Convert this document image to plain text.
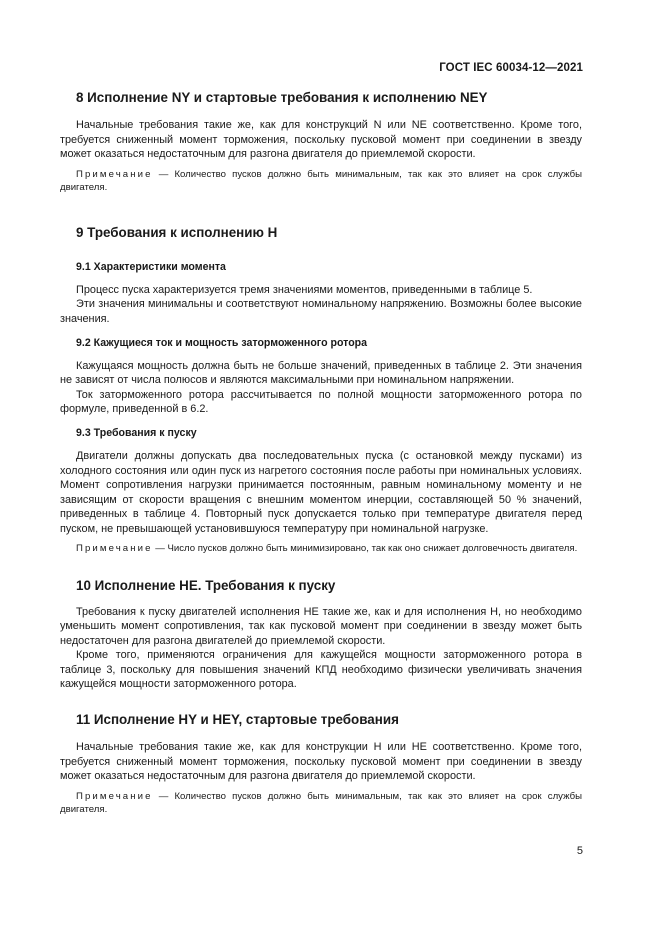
ГОСТ IEC 60034-12—2021
8 Исполнение NY и стартовые требования к исполнению NEY

Начальные требования такие же, как для конструкций N или NE соответственно. Кроме того, требуется сниженный момент торможения, поскольку пусковой момент при соединении в звезду может оказаться недостаточным для разгона двигателя до приемлемой скорости.

Примечание — Количество пусков должно быть минимальным, так как это влияет на срок службы двигателя.
9 Требования к исполнению H
9.1 Характеристики момента

Процесс пуска характеризуется тремя значениями моментов, приведенными в таблице 5.

Эти значения минимальны и соответствуют номинальному напряжению. Возможны более высокие значения.

9.2 Кажущиеся ток и мощность заторможенного ротора

Кажущаяся мощность должна быть не больше значений, приведенных в таблице 2. Эти значения не зависят от числа полюсов и являются максимальными при номинальном напряжении.

Ток заторможенного ротора рассчитывается по полной мощности заторможенного ротора по формуле, приведенной в 6.2.

9.3 Требования к пуску

Двигатели должны допускать два последовательных пуска (с остановкой между пусками) из холодного состояния или один пуск из нагретого состояния после работы при номинальных условиях. Момент сопротивления нагрузки принимается постоянным, равным номинальному моменту и не зависящим от скорости вращения с внешним моментом инерции, составляющей 50 % значений, приведенных в таблице 4. Повторный пуск допускается только при температуре двигателя перед пуском, не превышающей установившуюся температуру при номинальной нагрузке.

Примечание — Число пусков должно быть минимизировано, так как оно снижает долговечность двигателя.
10 Исполнение HE. Требования к пуску

Требования к пуску двигателей исполнения HE такие же, как и для исполнения H, но необходимо уменьшить момент сопротивления, так как пусковой момент при соединении в звезду может быть недостаточен для разгона двигателей до приемлемой скорости.

Кроме того, применяются ограничения для кажущейся мощности заторможенного ротора в таблице 3, поскольку для повышения значений КПД необходимо физически увеличивать значения кажущейся мощности заторможенного ротора.

11 Исполнение HY и HEY, стартовые требования

Начальные требования такие же, как для конструкции H или HE соответственно. Кроме того, требуется сниженный момент торможения, поскольку пусковой момент при соединении в звезду может оказаться недостаточным для разгона двигателя до приемлемой скорости.

Примечание — Количество пусков должно быть минимальным, так как это влияет на срок службы двигателя.
5
